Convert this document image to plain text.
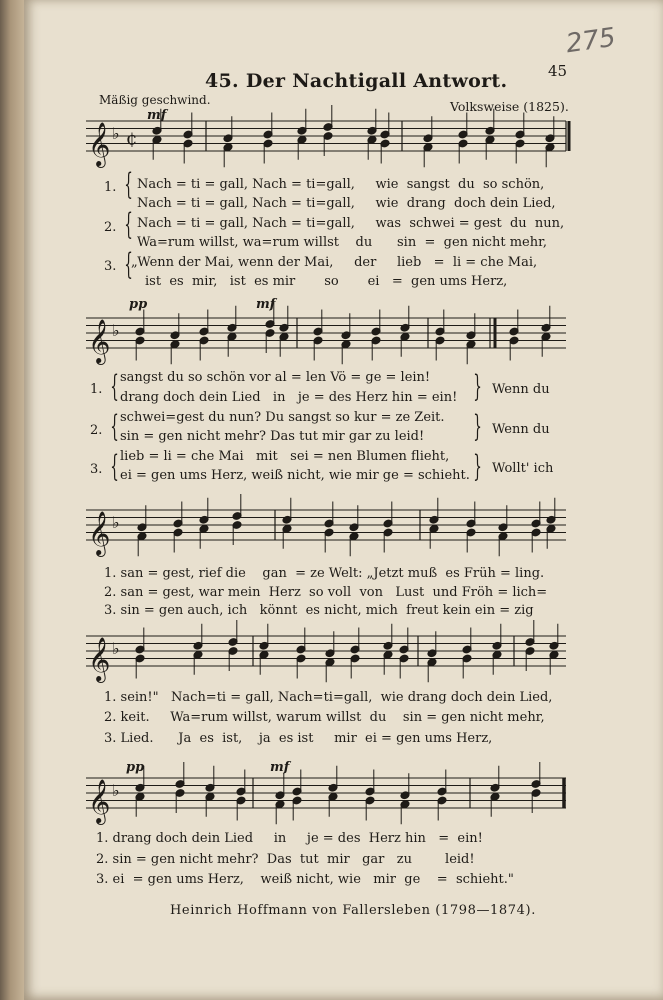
275
45. Der Nachtigall Antwort.	45
Mäßig geschwind.	Volksweise (1825).
𝄞 ♭ ¢
𝄞 ♭
𝄞 ♭
𝄞 ♭
𝄞 ♭
mf
pp	mf
pp	mf
1.
2.
3.
{
{
{
Nach = ti = gall, Nach = ti=gall,     wie  sangst  du  so schön,
Nach = ti = gall, Nach = ti=gall,     wie  drang  doch dein Lied,
Nach = ti = gall, Nach = ti=gall,     was  schwei = gest  du  nun,
Wa=rum willst, wa=rum willst    du      sin  =  gen nicht mehr,
„Wenn der Mai, wenn der Mai,     der     lieb   =  li = che Mai,
ist  es  mir,   ist  es mir       so       ei   =  gen ums Herz,
1.
2.
3.
{
{
{
sangst du so schön vor al = len Vö = ge = lein!
drang doch dein Lied   in   je = des Herz hin = ein!
schwei=gest du nun? Du sangst so kur = ze Zeit.
sin = gen nicht mehr? Das tut mir gar zu leid!
lieb = li = che Mai   mit   sei = nen Blumen flieht,
ei = gen ums Herz, weiß nicht, wie mir ge = schieht.
}
}
}
Wenn du
Wenn du
Wollt' ich
1. san = gest, rief die    gan  = ze Welt: „Jetzt muß  es Früh = ling.
2. san = gest, war mein  Herz  so voll  von   Lust  und Fröh = lich=
3. sin = gen auch, ich   könnt  es nicht, mich  freut kein ein = zig
1. sein!"   Nach=ti = gall, Nach=ti=gall,  wie drang doch dein Lied,
2. keit.     Wa=rum willst, warum willst  du    sin = gen nicht mehr,
3. Lied.      Ja  es  ist,    ja  es ist     mir  ei = gen ums Herz,
1. drang doch dein Lied     in     je = des  Herz hin   =  ein!
2. sin = gen nicht mehr?  Das  tut  mir   gar   zu        leid!
3. ei  = gen ums Herz,    weiß nicht, wie   mir  ge    =  schieht."
Heinrich Hoffmann von Fallersleben (1798—1874).
